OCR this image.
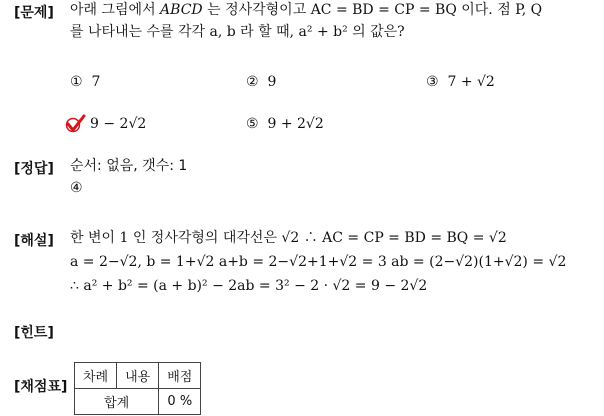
[문제] 아래 그림에서 ABCD 는 정사각형이고 AC = BD = CP = BQ 이다. 점 P, Q
를 나타내는 수를 각각 a, b 라 할 때, a² + b² 의 값은?
① 7	② 9	③ 7 + √2
9 − 2√2	⑤ 9 + 2√2
[정답] 순서: 없음, 갯수: 1
④
[해설] 한 변이 1 인 정사각형의 대각선은 √2 ∴ AC = CP = BD = BQ = √2
a = 2−√2, b = 1+√2 a+b = 2−√2+1+√2 = 3 ab = (2−√2)(1+√2) = √2
∴ a² + b² = (a + b)² − 2ab = 3² − 2 · √2 = 9 − 2√2
[힌트]
[채점표]
차례	내용	배점
합계		0 %
